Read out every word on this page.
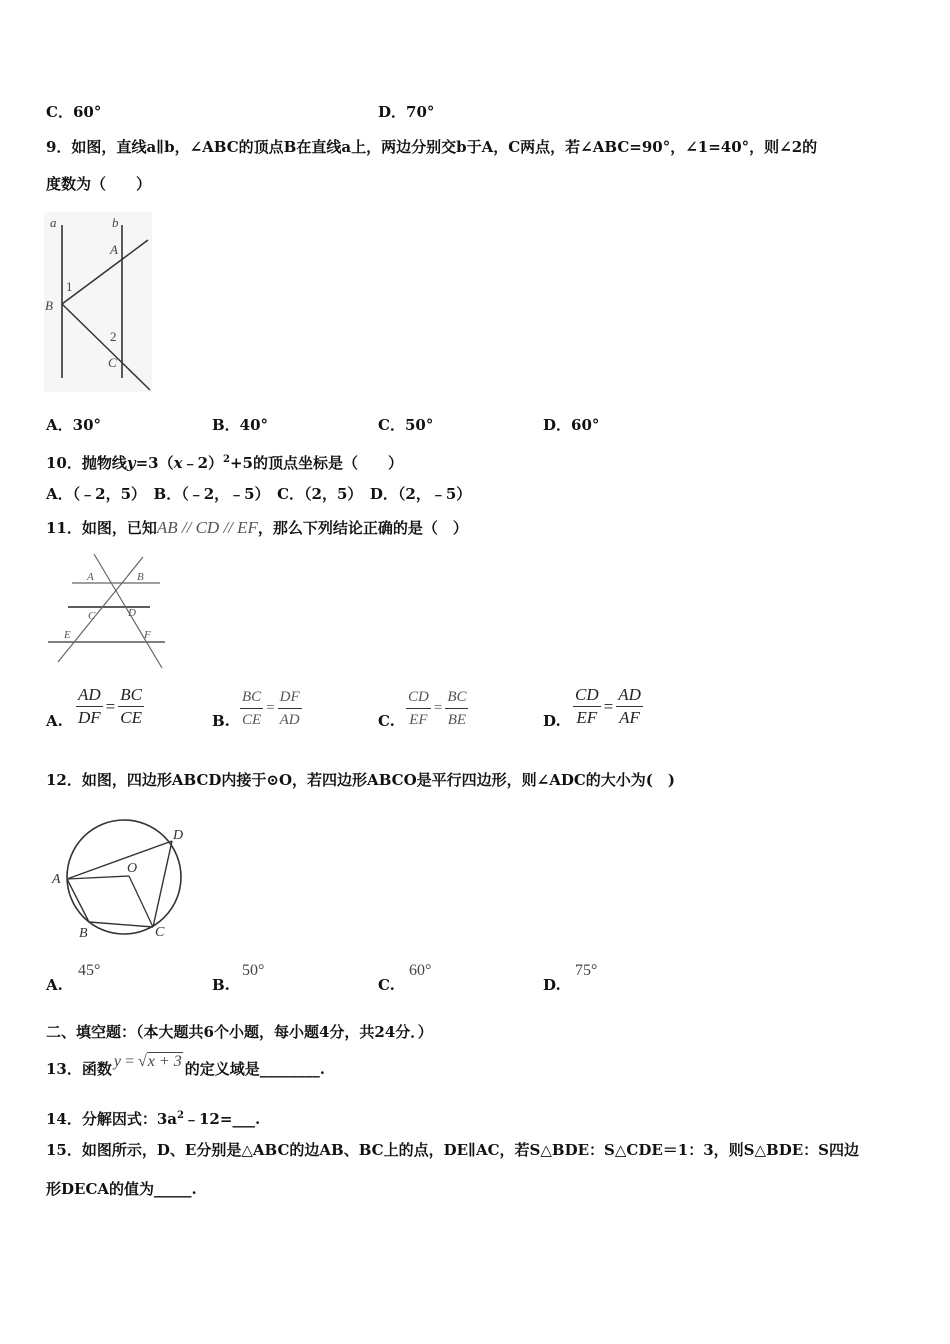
C．60°	D．70°
9．如图，直线a∥b，∠ABC的顶点B在直线a上，两边分别交b于A，C两点，若∠ABC=90°，∠1=40°，则∠2的
度数为（　　）
a	b
A
B
C
1
2
A．30°	B．40°	C．50°	D．60°
10．抛物线y=3（x﹣2）$^2$+5的顶点坐标是（　　）
A．（﹣2，5）　B．（﹣2，﹣5）　C．（2，5）　D．（2，﹣5）
11．如图，已知AB // CD // EF，那么下列结论正确的是（　）
A	B
C	D
E	F
A. $\frac{AD}{DF} = \frac{BC}{CE}$	B. $\frac{BC}{CE} = \frac{DF}{AD}$	C. $\frac{CD}{EF} = \frac{BC}{BE}$	D. $\frac{CD}{EF} = \frac{AD}{AF}$
12．如图，四边形ABCD内接于⊙O，若四边形ABCO是平行四边形，则∠ADC的大小为(　)
A
B	C
D
O
A.
45°
B.
50°
C.
60°
D.
75°
二、填空题：（本大题共6个小题，每小题4分，共24分．）
13．函数 y = √x + 3 的定义域是________.
14．分解因式：$3a^2﹣12=\_\_\_$.
15．如图所示，D、E分别是△ABC的边AB、BC上的点，DE∥AC，若S△BDE：S△CDE＝1：3，则S△BDE：S四边
形DECA的值为_____.
